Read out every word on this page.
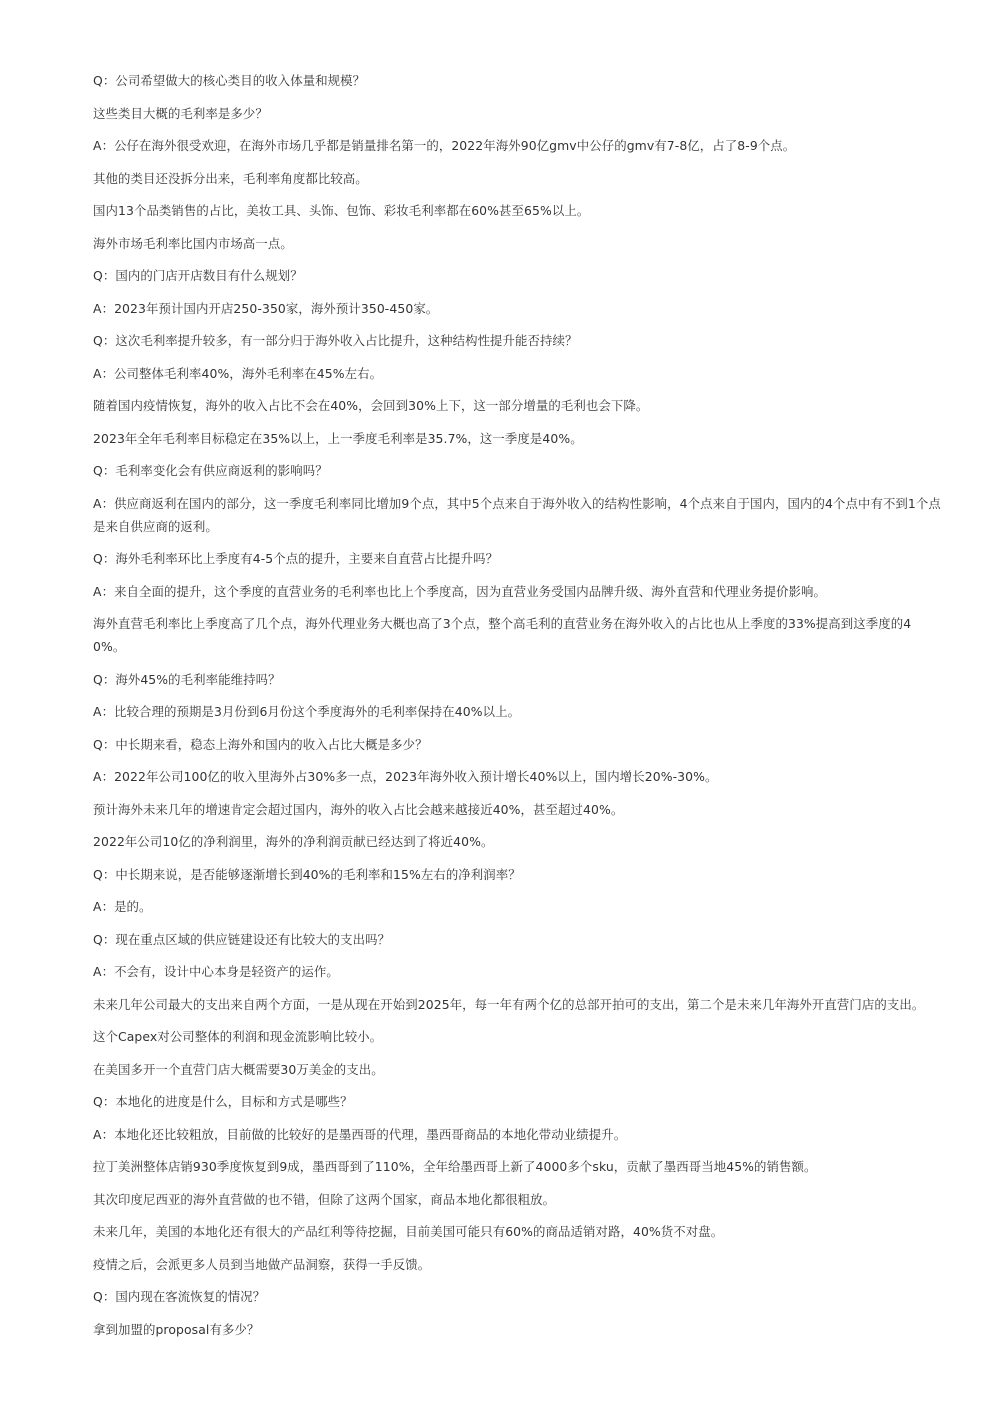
Q：公司希望做大的核心类目的收入体量和规模？

这些类目大概的毛利率是多少？

A：公仔在海外很受欢迎，在海外市场几乎都是销量排名第一的，2022年海外90亿gmv中公仔的gmv有7-8亿，占了8-9个点。

其他的类目还没拆分出来，毛利率角度都比较高。

国内13个品类销售的占比，美妆工具、头饰、包饰、彩妆毛利率都在60%甚至65%以上。

海外市场毛利率比国内市场高一点。

Q：国内的门店开店数目有什么规划？

A：2023年预计国内开店250-350家，海外预计350-450家。

Q：这次毛利率提升较多，有一部分归于海外收入占比提升，这种结构性提升能否持续？

A：公司整体毛利率40%，海外毛利率在45%左右。

随着国内疫情恢复，海外的收入占比不会在40%，会回到30%上下，这一部分增量的毛利也会下降。

2023年全年毛利率目标稳定在35%以上，上一季度毛利率是35.7%，这一季度是40%。

Q：毛利率变化会有供应商返利的影响吗？

A：供应商返利在国内的部分，这一季度毛利率同比增加9个点，其中5个点来自于海外收入的结构性影响，4个点来自于国内，国内的4个点中有不到1个点是来自供应商的返利。

Q：海外毛利率环比上季度有4-5个点的提升，主要来自直营占比提升吗？

A：来自全面的提升，这个季度的直营业务的毛利率也比上个季度高，因为直营业务受国内品牌升级、海外直营和代理业务提价影响。

海外直营毛利率比上季度高了几个点，海外代理业务大概也高了3个点，整个高毛利的直营业务在海外收入的占比也从上季度的33%提高到这季度的40%。

Q：海外45%的毛利率能维持吗？

A：比较合理的预期是3月份到6月份这个季度海外的毛利率保持在40%以上。

Q：中长期来看，稳态上海外和国内的收入占比大概是多少？

A：2022年公司100亿的收入里海外占30%多一点，2023年海外收入预计增长40%以上，国内增长20%-30%。

预计海外未来几年的增速肯定会超过国内，海外的收入占比会越来越接近40%，甚至超过40%。

2022年公司10亿的净利润里，海外的净利润贡献已经达到了将近40%。

Q：中长期来说，是否能够逐渐增长到40%的毛利率和15%左右的净利润率？

A：是的。

Q：现在重点区域的供应链建设还有比较大的支出吗？

A：不会有，设计中心本身是轻资产的运作。

未来几年公司最大的支出来自两个方面，一是从现在开始到2025年，每一年有两个亿的总部开拍可的支出，第二个是未来几年海外开直营门店的支出。

这个Capex对公司整体的利润和现金流影响比较小。

在美国多开一个直营门店大概需要30万美金的支出。

Q：本地化的进度是什么，目标和方式是哪些？

A：本地化还比较粗放，目前做的比较好的是墨西哥的代理，墨西哥商品的本地化带动业绩提升。

拉丁美洲整体店销930季度恢复到9成，墨西哥到了110%，全年给墨西哥上新了4000多个sku，贡献了墨西哥当地45%的销售额。

其次印度尼西亚的海外直营做的也不错，但除了这两个国家，商品本地化都很粗放。

未来几年，美国的本地化还有很大的产品红利等待挖掘，目前美国可能只有60%的商品适销对路，40%货不对盘。

疫情之后，会派更多人员到当地做产品洞察，获得一手反馈。

Q：国内现在客流恢复的情况？

拿到加盟的proposal有多少？
